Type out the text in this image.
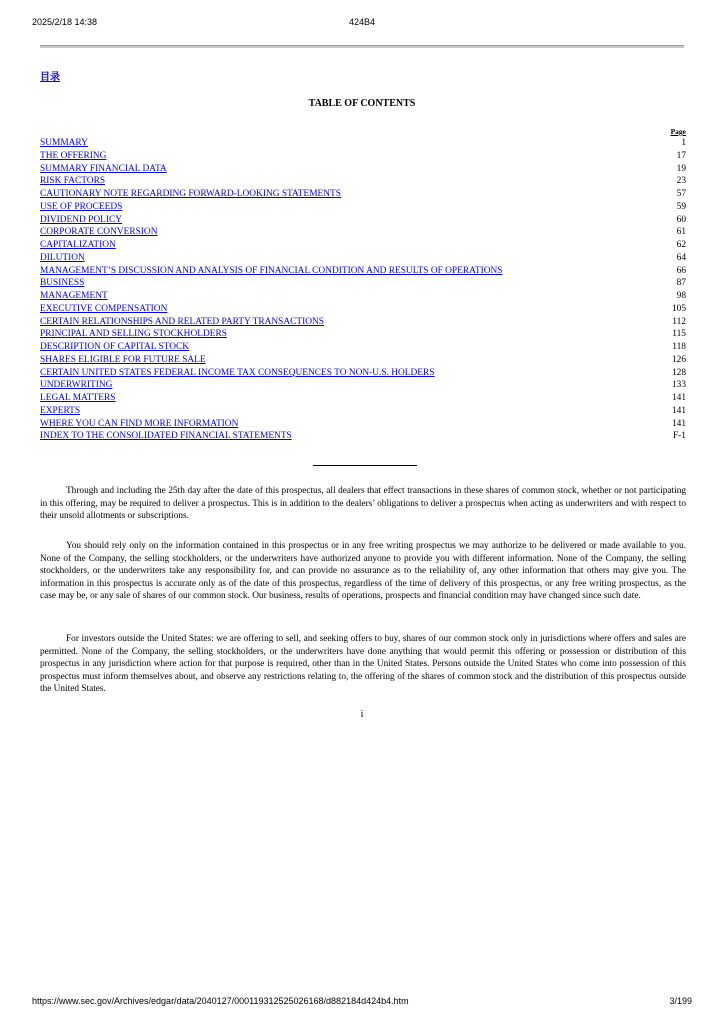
2025/2/18 14:38	424B4
目录
TABLE OF CONTENTS
Page
SUMMARY	1
THE OFFERING	17
SUMMARY FINANCIAL DATA	19
RISK FACTORS	23
CAUTIONARY NOTE REGARDING FORWARD-LOOKING STATEMENTS	57
USE OF PROCEEDS	59
DIVIDEND POLICY	60
CORPORATE CONVERSION	61
CAPITALIZATION	62
DILUTION	64
MANAGEMENT’S DISCUSSION AND ANALYSIS OF FINANCIAL CONDITION AND RESULTS OF OPERATIONS	66
BUSINESS	87
MANAGEMENT	98
EXECUTIVE COMPENSATION	105
CERTAIN RELATIONSHIPS AND RELATED PARTY TRANSACTIONS	112
PRINCIPAL AND SELLING STOCKHOLDERS	115
DESCRIPTION OF CAPITAL STOCK	118
SHARES ELIGIBLE FOR FUTURE SALE	126
CERTAIN UNITED STATES FEDERAL INCOME TAX CONSEQUENCES TO NON-U.S. HOLDERS	128
UNDERWRITING	133
LEGAL MATTERS	141
EXPERTS	141
WHERE YOU CAN FIND MORE INFORMATION	141
INDEX TO THE CONSOLIDATED FINANCIAL STATEMENTS	F-1

Through and including the 25th day after the date of this prospectus, all dealers that effect transactions in these shares of common stock, whether or not participating in this offering, may be required to deliver a prospectus. This is in addition to the dealers’ obligations to deliver a prospectus when acting as underwriters and with respect to their unsold allotments or subscriptions.

You should rely only on the information contained in this prospectus or in any free writing prospectus we may authorize to be delivered or made available to you. None of the Company, the selling stockholders, or the underwriters have authorized anyone to provide you with different information. None of the Company, the selling stockholders, or the underwriters take any responsibility for, and can provide no assurance as to the reliability of, any other information that others may give you. The information in this prospectus is accurate only as of the date of this prospectus, regardless of the time of delivery of this prospectus, or any free writing prospectus, as the case may be, or any sale of shares of our common stock. Our business, results of operations, prospects and financial condition may have changed since such date.

For investors outside the United States: we are offering to sell, and seeking offers to buy, shares of our common stock only in jurisdictions where offers and sales are permitted. None of the Company, the selling stockholders, or the underwriters have done anything that would permit this offering or possession or distribution of this prospectus in any jurisdiction where action for that purpose is required, other than in the United States. Persons outside the United States who come into possession of this prospectus must inform themselves about, and observe any restrictions relating to, the offering of the shares of common stock and the distribution of this prospectus outside the United States.

i
https://www.sec.gov/Archives/edgar/data/2040127/000119312525026168/d882184d424b4.htm	3/199
